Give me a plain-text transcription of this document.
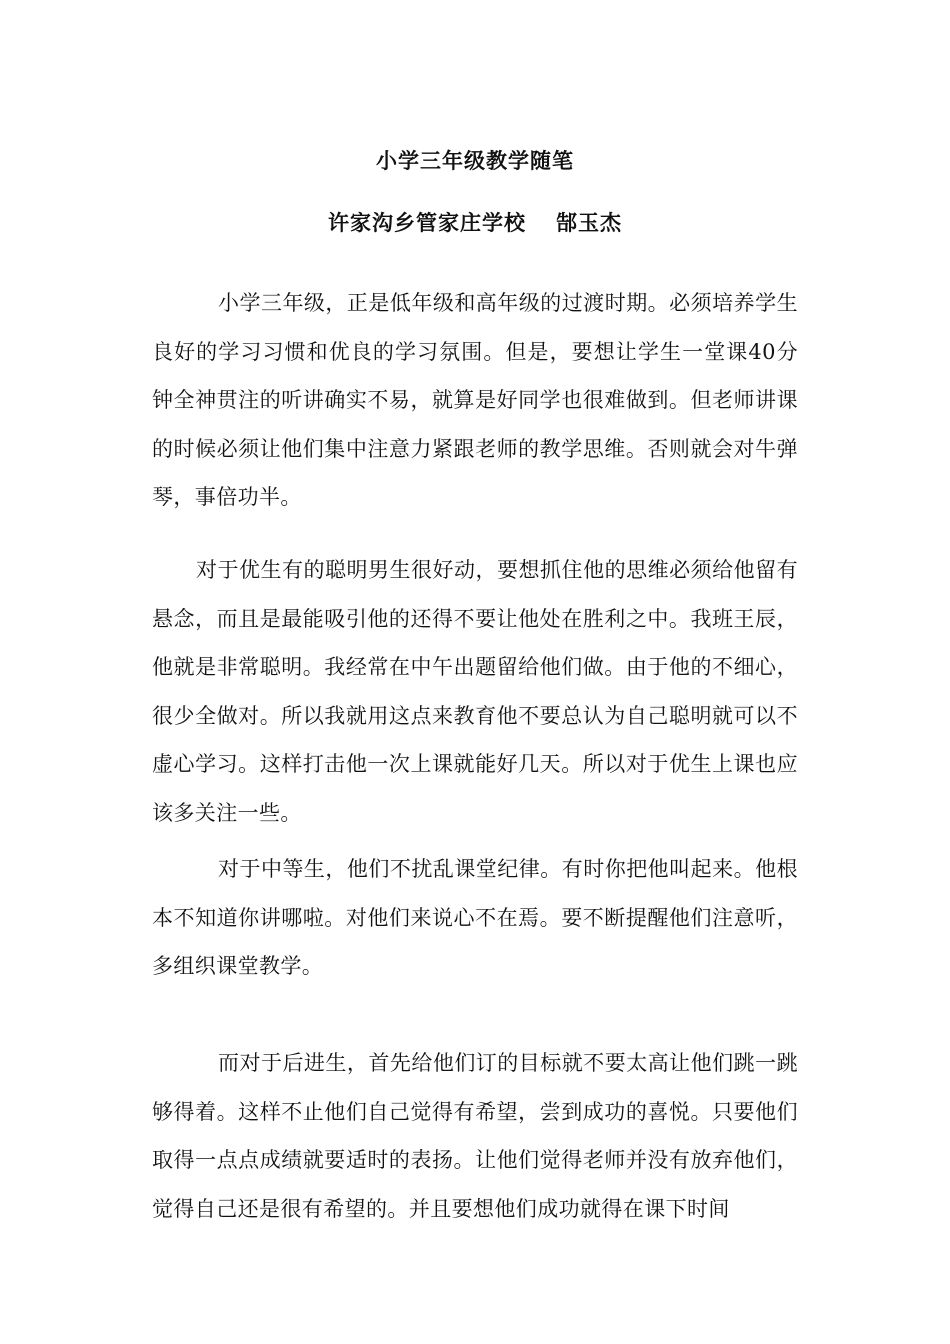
小学三年级教学随笔
许家沟乡管家庄学校 郜玉杰

小学三年级，正是低年级和高年级的过渡时期。必须培养学生良好的学习习惯和优良的学习氛围。但是，要想让学生一堂课40分钟全神贯注的听讲确实不易，就算是好同学也很难做到。但老师讲课的时候必须让他们集中注意力紧跟老师的教学思维。否则就会对牛弹琴，事倍功半。

对于优生有的聪明男生很好动，要想抓住他的思维必须给他留有悬念，而且是最能吸引他的还得不要让他处在胜利之中。我班王辰，他就是非常聪明。我经常在中午出题留给他们做。由于他的不细心，很少全做对。所以我就用这点来教育他不要总认为自己聪明就可以不虚心学习。这样打击他一次上课就能好几天。所以对于优生上课也应该多关注一些。

对于中等生，他们不扰乱课堂纪律。有时你把他叫起来。他根本不知道你讲哪啦。对他们来说心不在焉。要不断提醒他们注意听，多组织课堂教学。

而对于后进生，首先给他们订的目标就不要太高让他们跳一跳够得着。这样不止他们自己觉得有希望，尝到成功的喜悦。只要他们取得一点点成绩就要适时的表扬。让他们觉得老师并没有放弃他们，觉得自己还是很有希望的。并且要想他们成功就得在课下时间
